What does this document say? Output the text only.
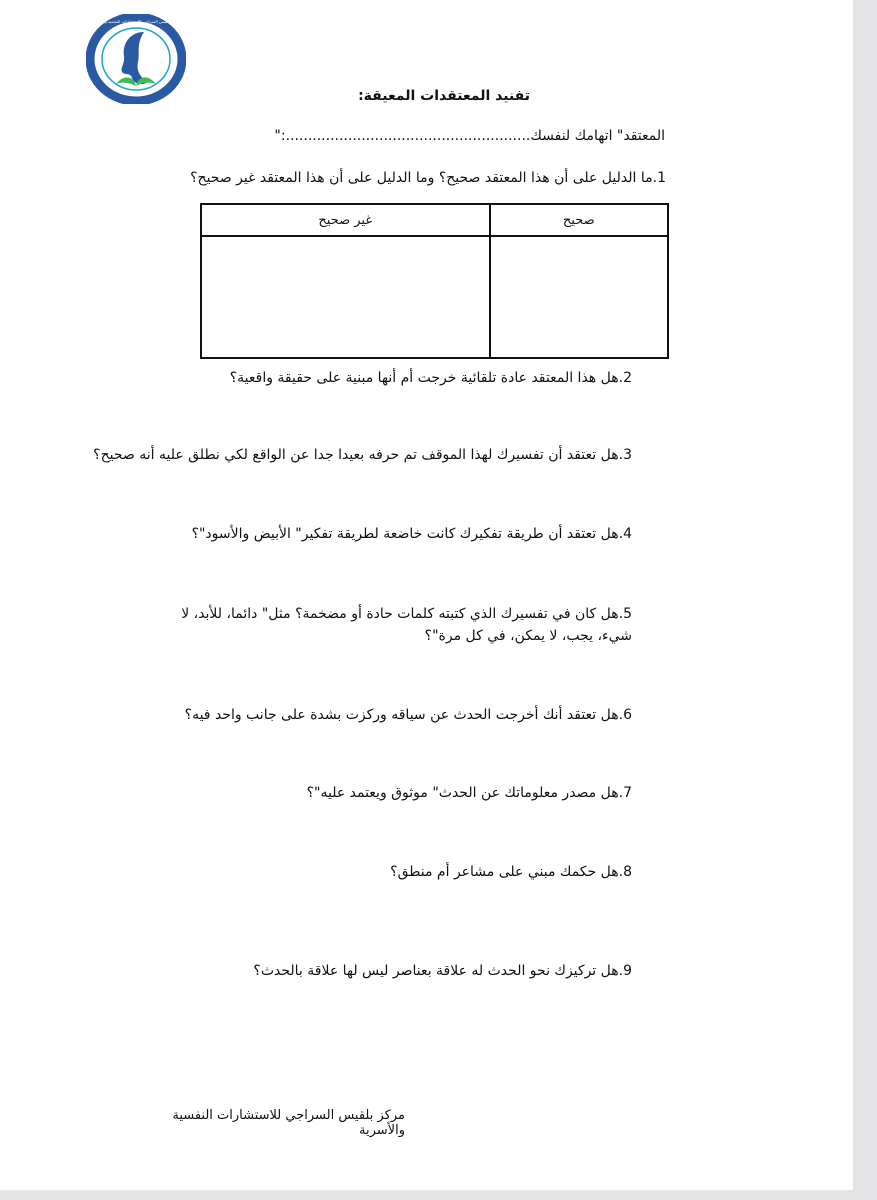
مركز بلقيس السراجي للاستشارات النفسية والأسرية
تفنيد المعتقدات المعيقة:
المعتقد" اتهامك لنفسك.......................................................:"
1.ما الدليل على أن هذا المعتقد صحيح؟ وما الدليل على أن هذا المعتقد غير صحيح؟
صحيح	غير صحيح

2.هل هذا المعتقد عادة تلقائية خرجت أم أنها مبنية على حقيقة واقعية؟
3.هل تعتقد أن تفسيرك لهذا الموقف تم حرفه بعيدا جدا عن الواقع لكي نطلق عليه أنه صحيح؟
4.هل تعتقد أن طريقة تفكيرك كانت خاضعة لطريقة تفكير" الأبيض والأسود"؟
5.هل كان في تفسيرك الذي كتبته كلمات حادة أو مضخمة؟ مثل" دائما، للأبد، لا شيء، يجب، لا يمكن، في كل مرة"؟
6.هل تعتقد أنك أخرجت الحدث عن سياقه وركزت بشدة على جانب واحد فيه؟
7.هل مصدر معلوماتك عن الحدث" موثوق ويعتمد عليه"؟
8.هل حكمك مبني على مشاعر أم منطق؟
9.هل تركيزك نحو الحدث له علاقة بعناصر ليس لها علاقة بالحدث؟
مركز بلقيس السراجي للاستشارات النفسية والأسرية
